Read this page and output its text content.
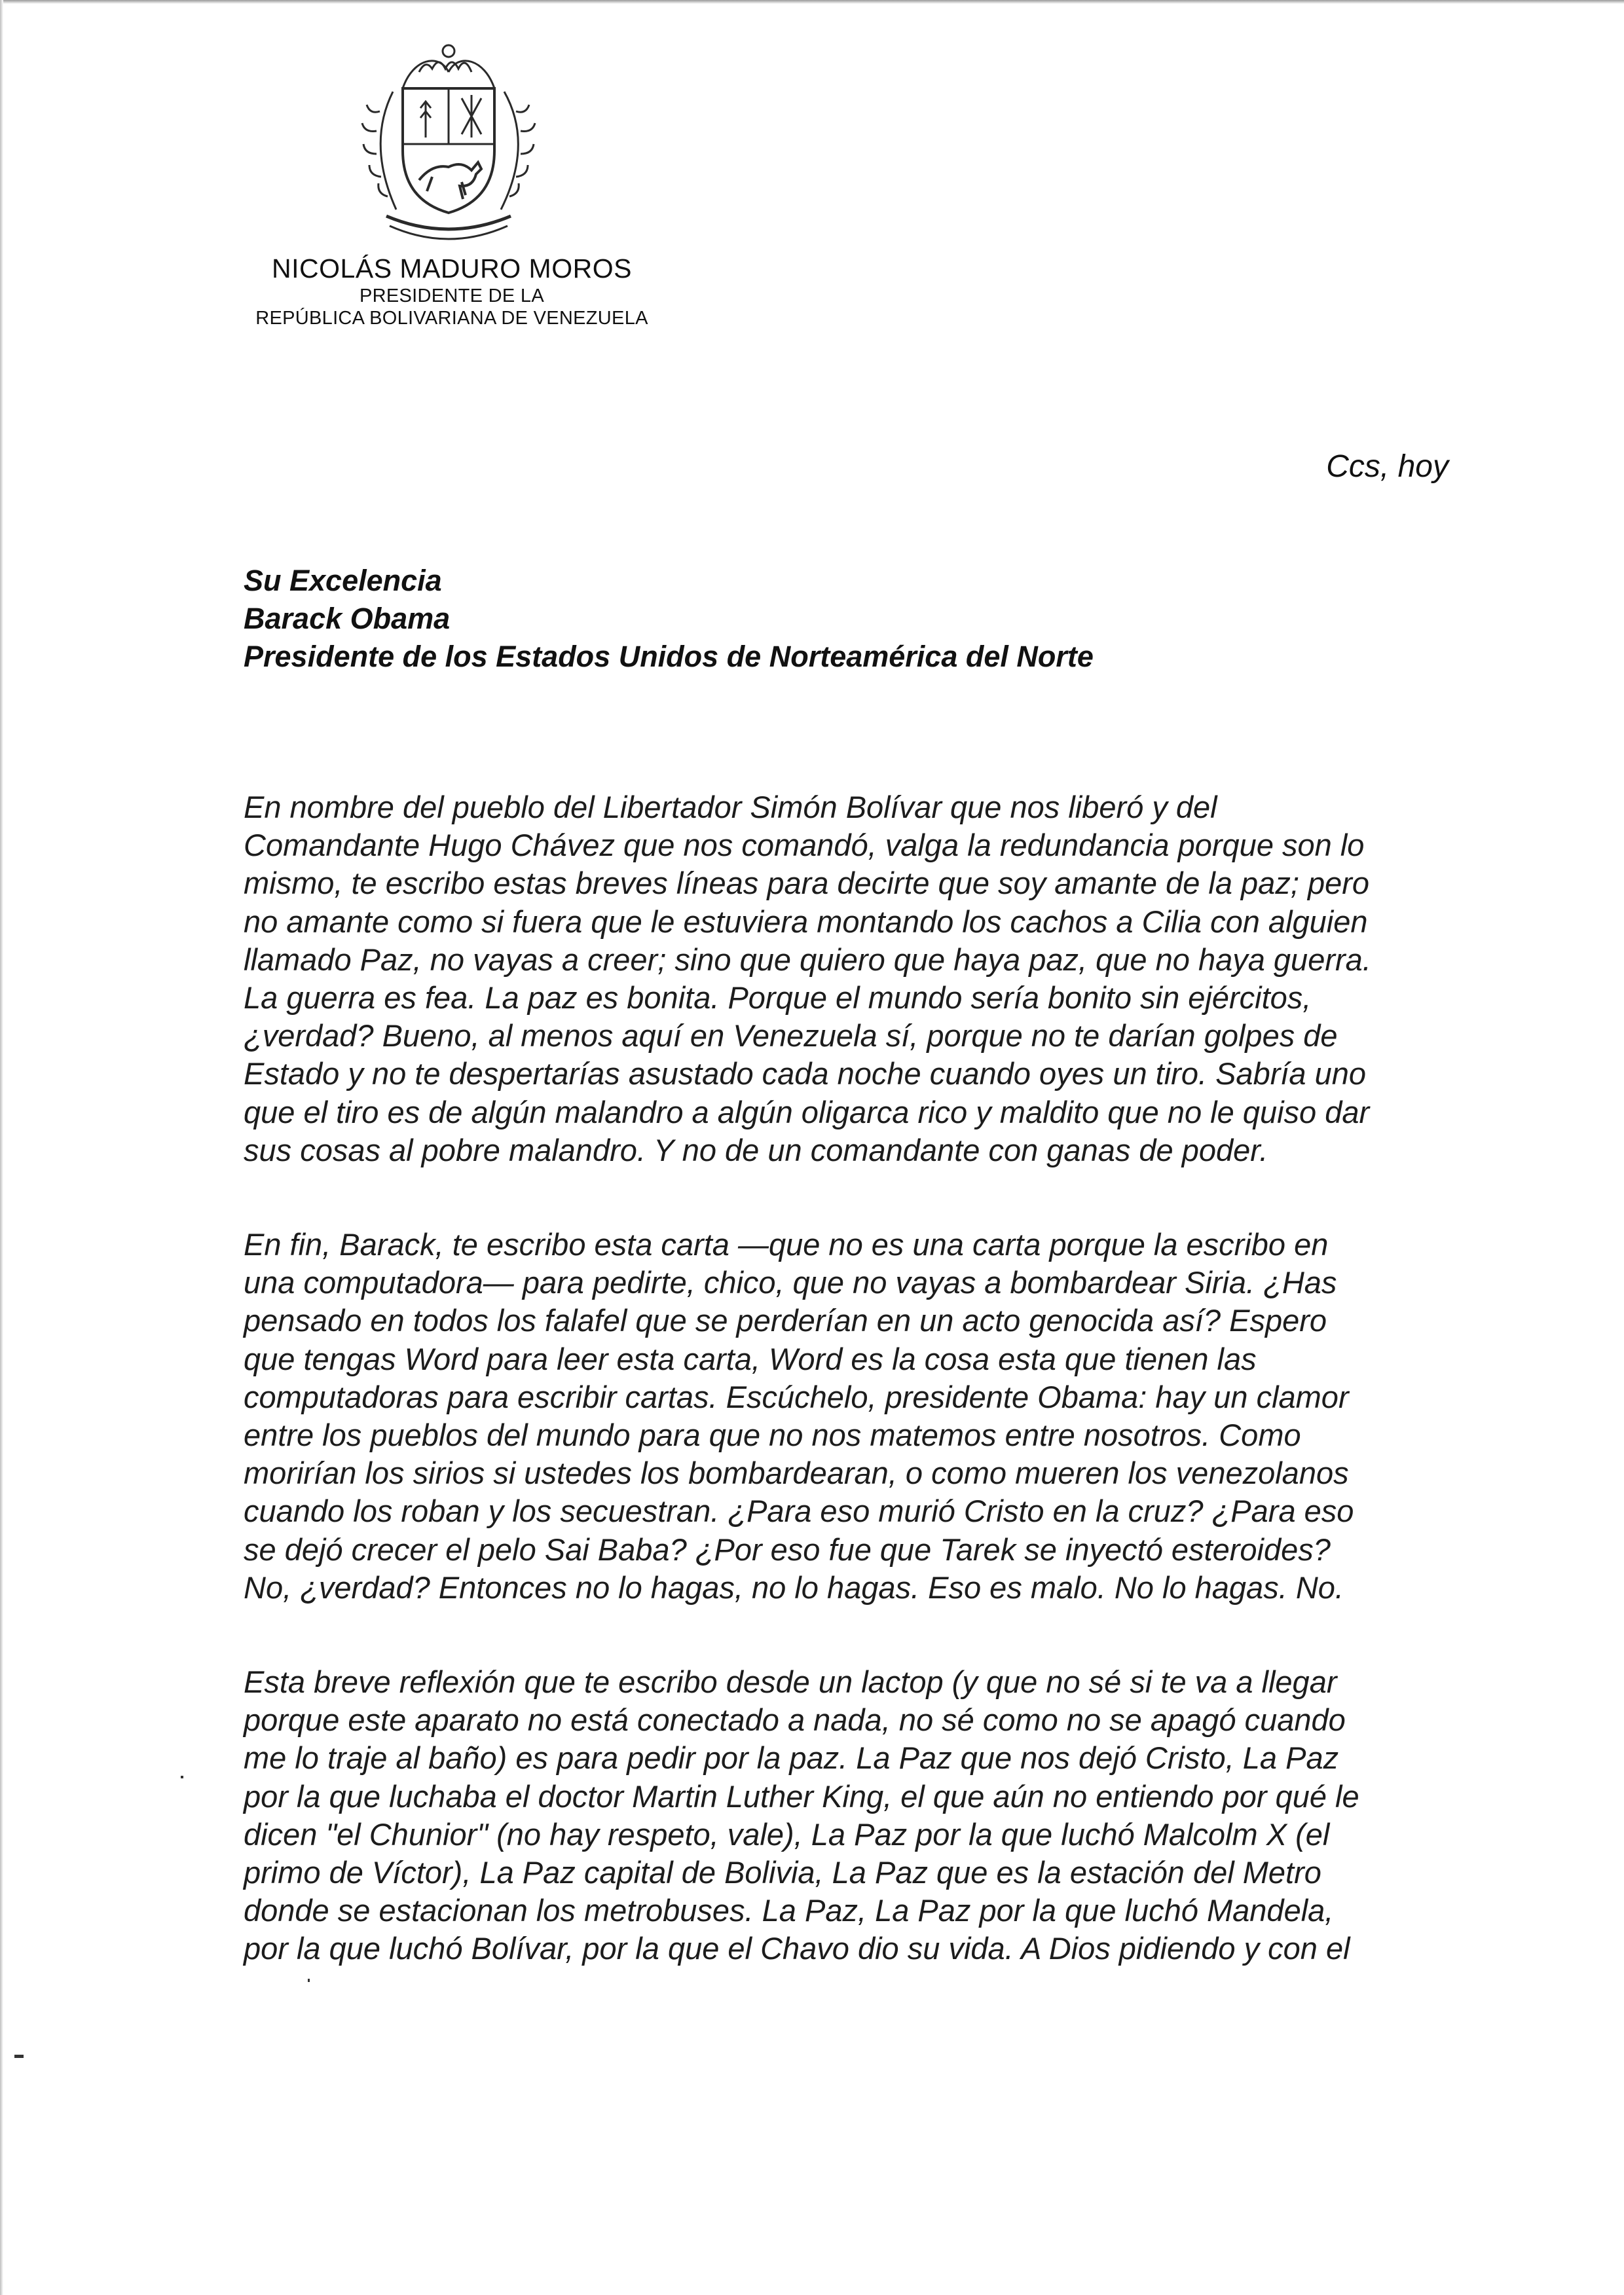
NICOLÁS MADURO MOROS
PRESIDENTE DE LA
REPÚBLICA BOLIVARIANA DE VENEZUELA
Ccs, hoy
Su Excelencia
Barack Obama
Presidente de los Estados Unidos de Norteamérica del Norte

En nombre del pueblo del Libertador Simón Bolívar que nos liberó y del
Comandante Hugo Chávez que nos comandó, valga la redundancia porque son lo
mismo, te escribo estas breves líneas para decirte que soy amante de la paz; pero
no amante como si fuera que le estuviera montando los cachos a Cilia con alguien
llamado Paz, no vayas a creer; sino que quiero que haya paz, que no haya guerra.
La guerra es fea. La paz es bonita. Porque el mundo sería bonito sin ejércitos,
¿verdad? Bueno, al menos aquí en Venezuela sí, porque no te darían golpes de
Estado y no te despertarías asustado cada noche cuando oyes un tiro. Sabría uno
que el tiro es de algún malandro a algún oligarca rico y maldito que no le quiso dar
sus cosas al pobre malandro. Y no de un comandante con ganas de poder.

En fin, Barack, te escribo esta carta —que no es una carta porque la escribo en
una computadora— para pedirte, chico, que no vayas a bombardear Siria. ¿Has
pensado en todos los falafel que se perderían en un acto genocida así? Espero
que tengas Word para leer esta carta, Word es la cosa esta que tienen las
computadoras para escribir cartas. Escúchelo, presidente Obama: hay un clamor
entre los pueblos del mundo para que no nos matemos entre nosotros. Como
morirían los sirios si ustedes los bombardearan, o como mueren los venezolanos
cuando los roban y los secuestran. ¿Para eso murió Cristo en la cruz? ¿Para eso
se dejó crecer el pelo Sai Baba? ¿Por eso fue que Tarek se inyectó esteroides?
No, ¿verdad? Entonces no lo hagas, no lo hagas. Eso es malo. No lo hagas. No.

Esta breve reflexión que te escribo desde un lactop (y que no sé si te va a llegar
porque este aparato no está conectado a nada, no sé como no se apagó cuando
me lo traje al baño) es para pedir por la paz. La Paz que nos dejó Cristo, La Paz
por la que luchaba el doctor Martin Luther King, el que aún no entiendo por qué le
dicen "el Chunior" (no hay respeto, vale), La Paz por la que luchó Malcolm X (el
primo de Víctor), La Paz capital de Bolivia, La Paz que es la estación del Metro
donde se estacionan los metrobuses. La Paz, La Paz por la que luchó Mandela,
por la que luchó Bolívar, por la que el Chavo dio su vida. A Dios pidiendo y con el
